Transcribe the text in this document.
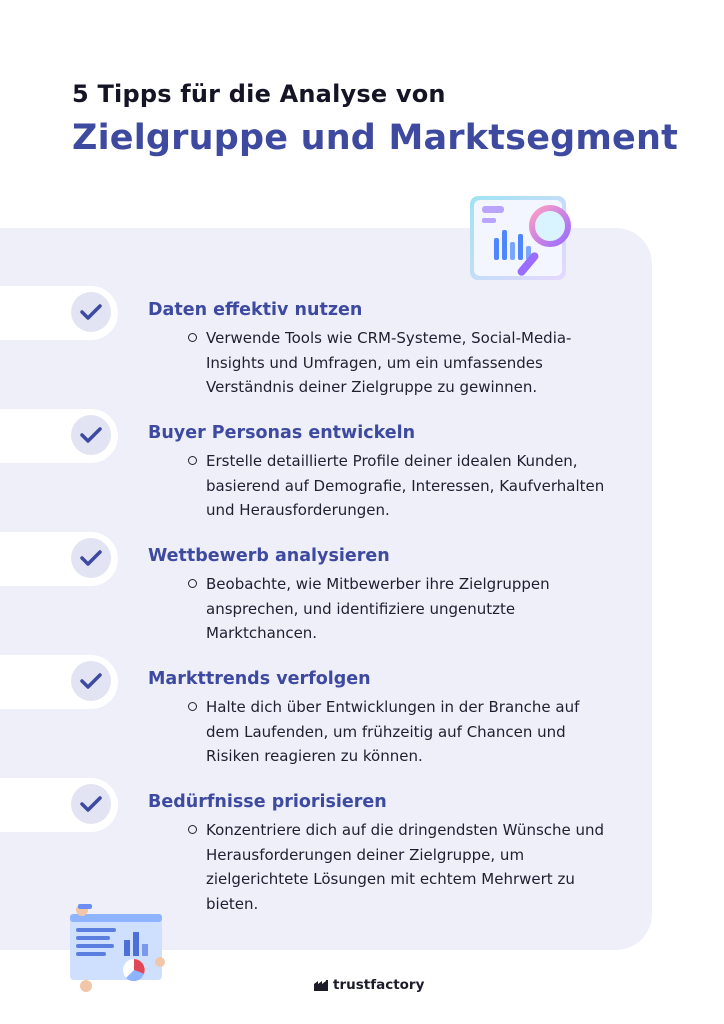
5 Tipps für die Analyse von
Zielgruppe und Marktsegment
Daten effektiv nutzen
Verwende Tools wie CRM-Systeme, Social-Media-Insights und Umfragen, um ein umfassendes Verständnis deiner Zielgruppe zu gewinnen.
Buyer Personas entwickeln
Erstelle detaillierte Profile deiner idealen Kunden, basierend auf Demografie, Interessen, Kaufverhalten und Herausforderungen.
Wettbewerb analysieren
Beobachte, wie Mitbewerber ihre Zielgruppen ansprechen, und identifiziere ungenutzte Marktchancen.
Markttrends verfolgen
Halte dich über Entwicklungen in der Branche auf dem Laufenden, um frühzeitig auf Chancen und Risiken reagieren zu können.
Bedürfnisse priorisieren
Konzentriere dich auf die dringendsten Wünsche und Herausforderungen deiner Zielgruppe, um zielgerichtete Lösungen mit echtem Mehrwert zu bieten.
trustfactory
